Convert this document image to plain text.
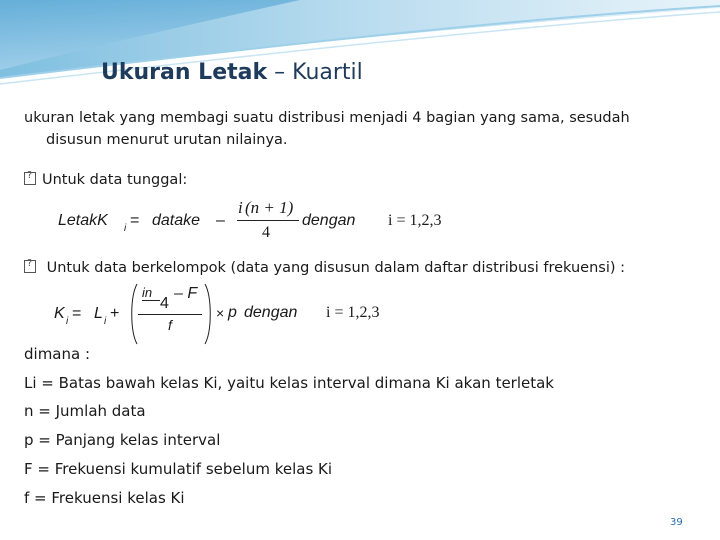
Ukuran Letak – Kuartil

ukuran letak yang membagi suatu distribusi menjadi 4 bagian yang sama, sesudah
disusun menurut urutan nilainya.

?Untuk data tunggal:
LetakK i = datake –
i (n + 1)
4
dengan i = 1,2,3
? Untuk data berkelompok (data yang disusun dalam daftar distribusi frekuensi) :
K i = L i +
in
4
– F
f
× p dengan i = 1,2,3
dimana :
Li = Batas bawah kelas Ki, yaitu kelas interval dimana Ki akan terletak
n = Jumlah data
p = Panjang kelas interval
F = Frekuensi kumulatif sebelum kelas Ki
f = Frekuensi kelas Ki
39
